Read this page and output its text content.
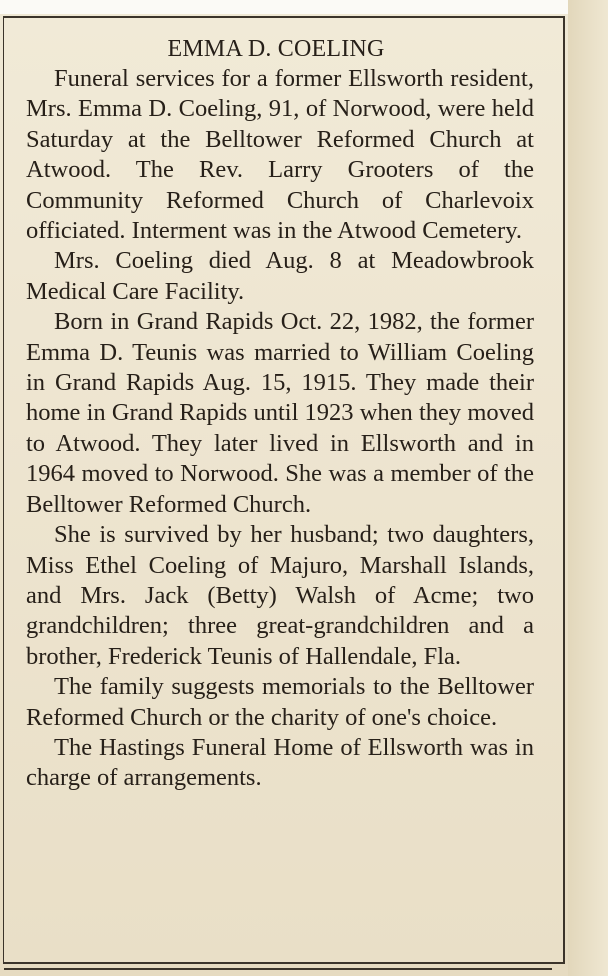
EMMA D. COELING

Funeral services for a former Ellsworth resident, Mrs. Emma D. Coeling, 91, of Norwood, were held Saturday at the Belltower Reformed Church at Atwood. The Rev. Larry Grooters of the Community Reformed Church of Charlevoix officiated. Interment was in the Atwood Cemetery.

Mrs. Coeling died Aug. 8 at Meadowbrook Medical Care Facility.

Born in Grand Rapids Oct. 22, 1982, the former Emma D. Teunis was married to William Coeling in Grand Rapids Aug. 15, 1915. They made their home in Grand Rapids until 1923 when they moved to Atwood. They later lived in Ellsworth and in 1964 moved to Norwood. She was a member of the Belltower Reformed Church.

She is survived by her husband; two daughters, Miss Ethel Coeling of Majuro, Marshall Islands, and Mrs. Jack (Betty) Walsh of Acme; two grandchildren; three great-grandchildren and a brother, Frederick Teunis of Hallendale, Fla.

The family suggests memorials to the Belltower Reformed Church or the charity of one's choice.

The Hastings Funeral Home of Ellsworth was in charge of arrangements.
